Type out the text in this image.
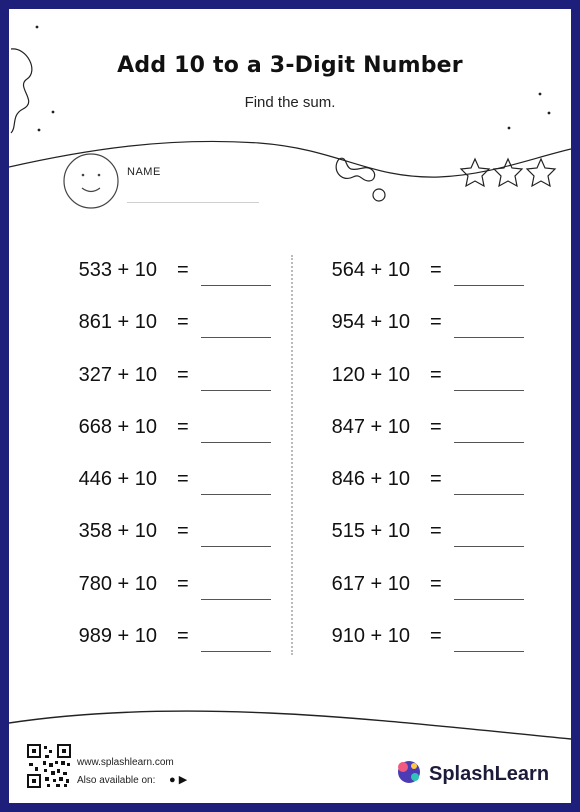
Add 10 to a 3-Digit Number
Find the sum.
NAME
533 + 10 =
861 + 10 =
327 + 10 =
668 + 10 =
446 + 10 =
358 + 10 =
780 + 10 =
989 + 10 =
564 + 10 =
954 + 10 =
120 + 10 =
847 + 10 =
846 + 10 =
515 + 10 =
617 + 10 =
910 + 10 =
www.splashlearn.com
Also available on: ● ▶	SplashLearn
